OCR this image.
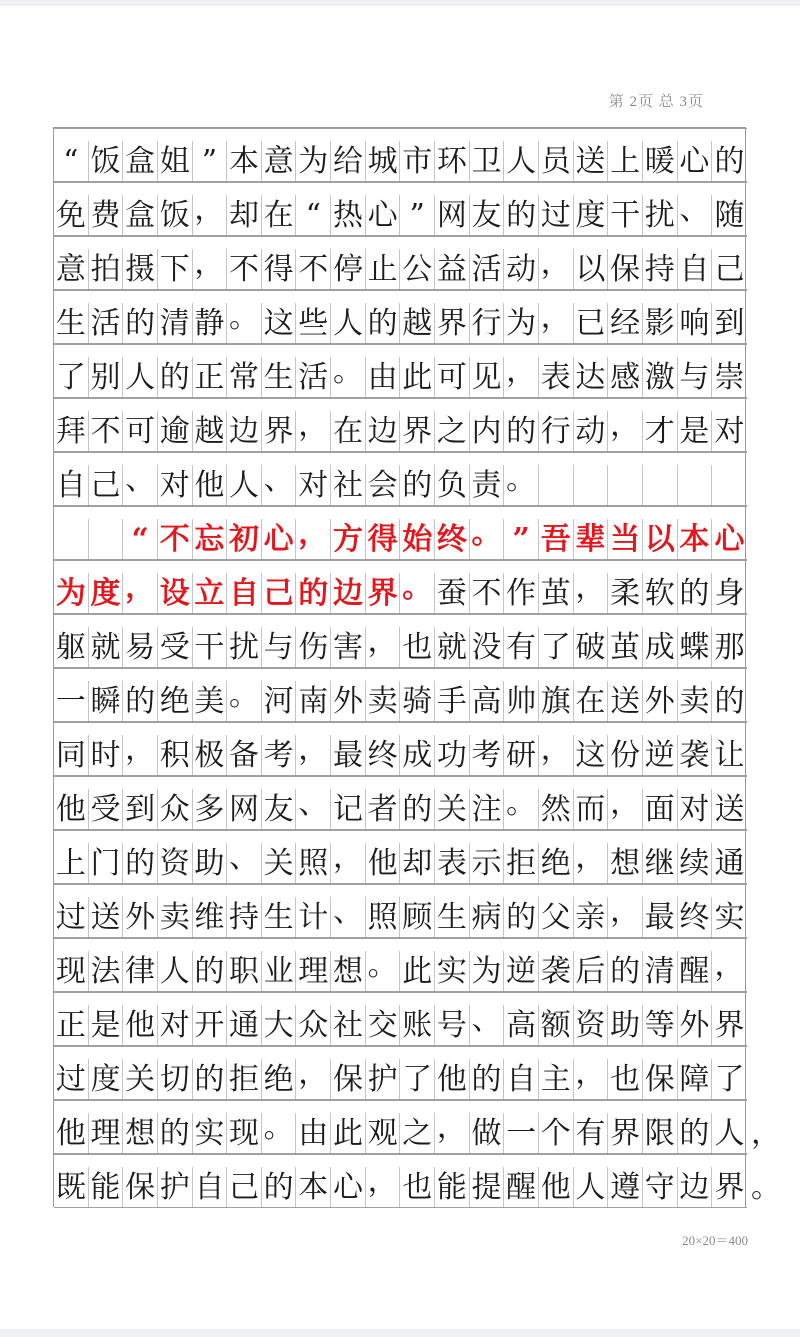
第 2页 总 3页
“ 饭 盒 姐 ” 本 意 为 给 城 市 环 卫 人 员 送 上 暖 心 的
免 费 盒 饭 ， 却 在 “ 热 心 ” 网 友 的 过 度 干 扰 、 随
意 拍 摄 下 ， 不 得 不 停 止 公 益 活 动 ， 以 保 持 自 己
生 活 的 清 静 。 这 些 人 的 越 界 行 为 ， 已 经 影 响 到
了 别 人 的 正 常 生 活 。 由 此 可 见 ， 表 达 感 激 与 崇
拜 不 可 逾 越 边 界 ， 在 边 界 之 内 的 行 动 ， 才 是 对
自 己 、 对 他 人 、 对 社 会 的 负 责 。
“ 不 忘 初 心 ， 方 得 始 终 。 ” 吾 辈 当 以 本 心
为 度 ， 设 立 自 己 的 边 界 。 蚕 不 作 茧 ， 柔 软 的 身
躯 就 易 受 干 扰 与 伤 害 ， 也 就 没 有 了 破 茧 成 蝶 那
一 瞬 的 绝 美 。 河 南 外 卖 骑 手 高 帅 旗 在 送 外 卖 的
同 时 ， 积 极 备 考 ， 最 终 成 功 考 研 ， 这 份 逆 袭 让
他 受 到 众 多 网 友 、 记 者 的 关 注 。 然 而 ， 面 对 送
上 门 的 资 助 、 关 照 ， 他 却 表 示 拒 绝 ， 想 继 续 通
过 送 外 卖 维 持 生 计 、 照 顾 生 病 的 父 亲 ， 最 终 实
现 法 律 人 的 职 业 理 想 。 此 实 为 逆 袭 后 的 清 醒 ，
正 是 他 对 开 通 大 众 社 交 账 号 、 高 额 资 助 等 外 界
过 度 关 切 的 拒 绝 ， 保 护 了 他 的 自 主 ， 也 保 障 了
他 理 想 的 实 现 。 由 此 观 之 ， 做 一 个 有 界 限 的 人 ，
既 能 保 护 自 己 的 本 心 ， 也 能 提 醒 他 人 遵 守 边 界 。
20×20＝400
